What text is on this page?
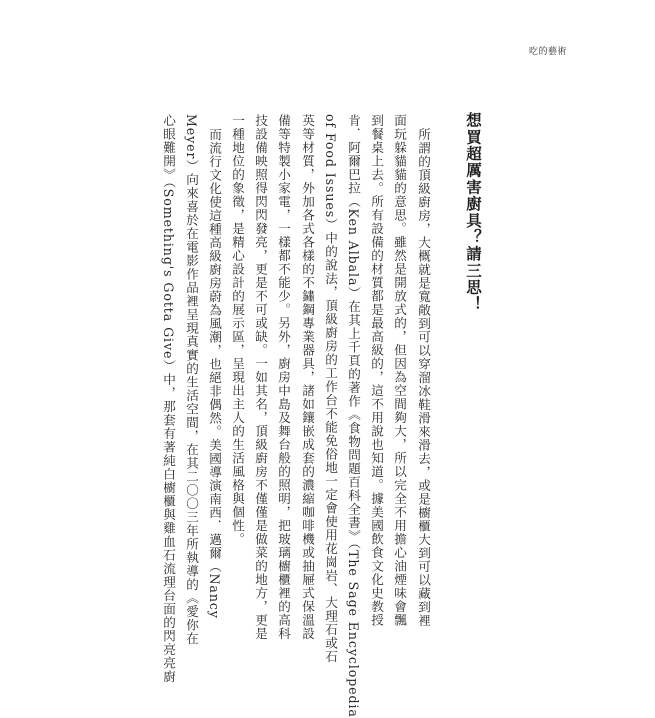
吃的藝術
想買超厲害廚具？請三思！
所謂的頂級廚房，大概就是寬敞到可以穿溜冰鞋滑來滑去，或是櫥櫃大到可以藏到裡
面玩躲貓貓的意思。雖然是開放式的，但因為空間夠大，所以完全不用擔心油煙味會飄
到餐桌上去。所有設備的材質都是最高級的，這不用說也知道。據美國飲食文化史教授
肯．阿爾巴拉（Ken Albala）在其上千頁的著作《食物問題百科全書》（The Sage Encyclopedia
of Food Issues）中的說法，頂級廚房的工作台不能免俗地一定會使用花崗岩、大理石或石
英等材質，外加各式各樣的不鏽鋼專業器具，諸如鑲嵌成套的濃縮咖啡機或抽屜式保溫設
備等特製小家電，一樣都不能少。另外，廚房中島及舞台般的照明，把玻璃櫥櫃裡的高科
技設備映照得閃閃發亮，更是不可或缺。一如其名，頂級廚房不僅僅是做菜的地方，更是
一種地位的象徵，是精心設計的展示區，呈現出主人的生活風格與個性。
而流行文化使這種高級廚房蔚為風潮，也絕非偶然。美國導演南西．邁爾（Nancy
Meyer）向來喜於在電影作品裡呈現真實的生活空間，在其二〇〇三年所執導的《愛你在
心眼難開》（Something's Gotta Give）中，那套有著純白櫥櫃與雞血石流理台面的閃亮亮廚
